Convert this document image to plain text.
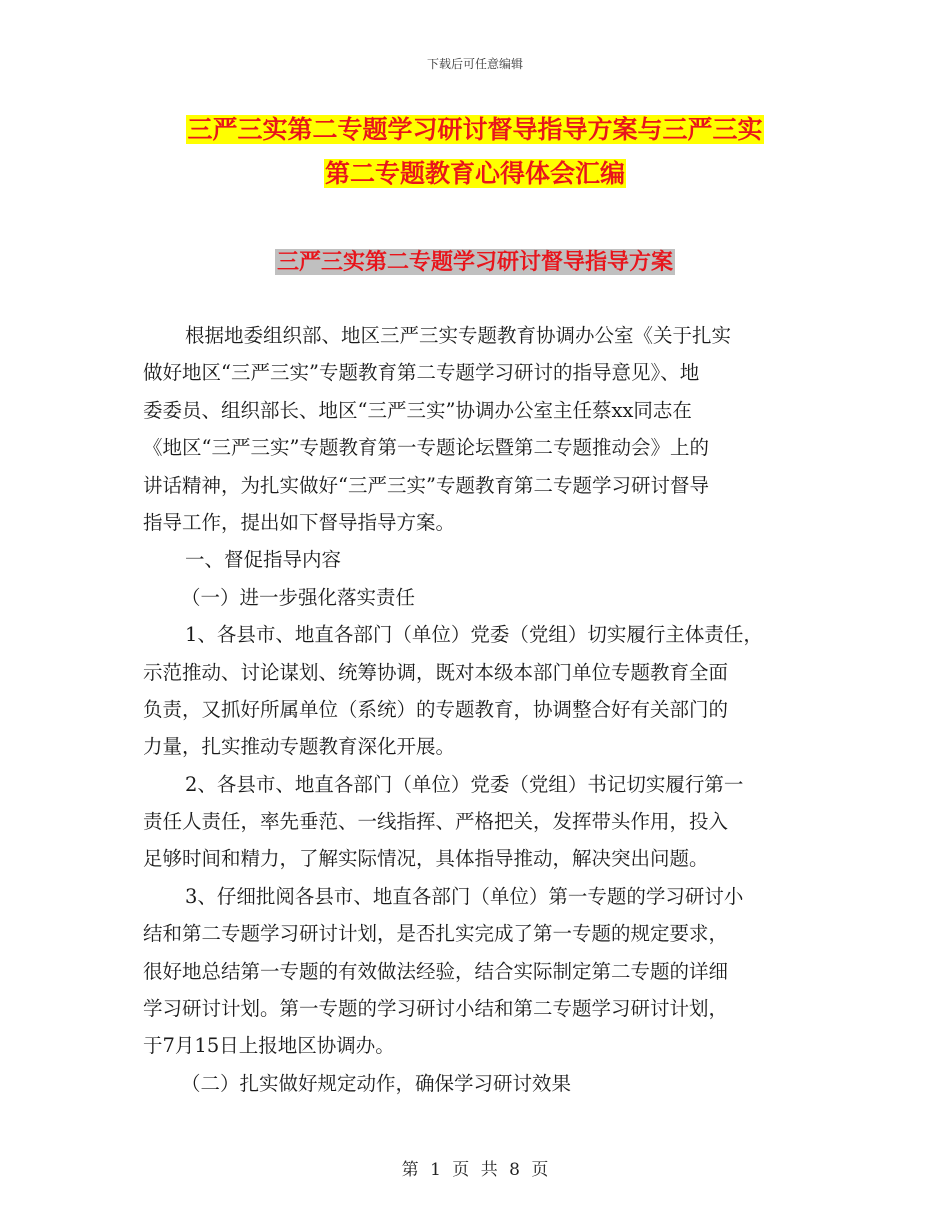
下载后可任意编辑
三严三实第二专题学习研讨督导指导方案与三严三实
第二专题教育心得体会汇编
三严三实第二专题学习研讨督导指导方案
根据地委组织部、地区三严三实专题教育协调办公室《关于扎实
做好地区“三严三实”专题教育第二专题学习研讨的指导意见》、地
委委员、组织部长、地区“三严三实”协调办公室主任蔡xx同志在
《地区“三严三实”专题教育第一专题论坛暨第二专题推动会》上的
讲话精神，为扎实做好“三严三实”专题教育第二专题学习研讨督导
指导工作，提出如下督导指导方案。
一、督促指导内容
（一）进一步强化落实责任
1、各县市、地直各部门（单位）党委（党组）切实履行主体责任，
示范推动、讨论谋划、统筹协调，既对本级本部门单位专题教育全面
负责，又抓好所属单位（系统）的专题教育，协调整合好有关部门的
力量，扎实推动专题教育深化开展。
2、各县市、地直各部门（单位）党委（党组）书记切实履行第一
责任人责任，率先垂范、一线指挥、严格把关，发挥带头作用，投入
足够时间和精力，了解实际情况，具体指导推动，解决突出问题。
3、仔细批阅各县市、地直各部门（单位）第一专题的学习研讨小
结和第二专题学习研讨计划，是否扎实完成了第一专题的规定要求，
很好地总结第一专题的有效做法经验，结合实际制定第二专题的详细
学习研讨计划。第一专题的学习研讨小结和第二专题学习研讨计划，
于7月15日上报地区协调办。
（二）扎实做好规定动作，确保学习研讨效果
第 1 页 共 8 页
